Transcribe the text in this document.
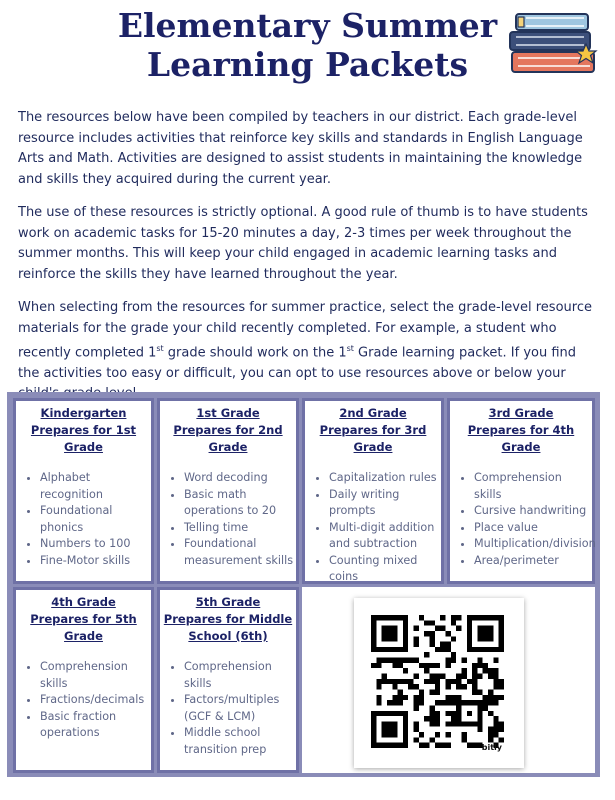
Elementary Summer
Learning Packets

The resources below have been compiled by teachers in our district. Each grade-level resource includes activities that reinforce key skills and standards in English Language Arts and Math. Activities are designed to assist students in maintaining the knowledge and skills they acquired during the current year.

The use of these resources is strictly optional. A good rule of thumb is to have students work on academic tasks for 15-20 minutes a day, 2-3 times per week throughout the summer months. This will keep your child engaged in academic learning tasks and reinforce the skills they have learned throughout the year.

When selecting from the resources for summer practice, select the grade-level resource materials for the grade your child recently completed. For example, a student who recently completed 1st grade should work on the 1st Grade learning packet. If you find the activities too easy or difficult, you can opt to use resources above or below your

Kindergarten
Prepares for 1st Grade
• Alphabet recognition
• Foundational phonics
• Numbers to 100
• Fine-Motor skills
1st Grade
Prepares for 2nd Grade
• Word decoding
• Basic math operations to 20
• Telling time
• Foundational measurement skills
2nd Grade
Prepares for 3rd Grade
• Capitalization rules
• Daily writing prompts
• Multi-digit addition and subtraction
• Counting mixed coins
3rd Grade
Prepares for 4th Grade
• Comprehension skills
• Cursive handwriting
• Place value
• Multiplication/division
• Area/perimeter
4th Grade
Prepares for 5th Grade
• Comprehension skills
• Fractions/decimals
• Basic fraction operations
5th Grade
Prepares for Middle School (6th)
• Comprehension skills
• Factors/multiples (GCF & LCM)
• Middle school transition prep	bitly
